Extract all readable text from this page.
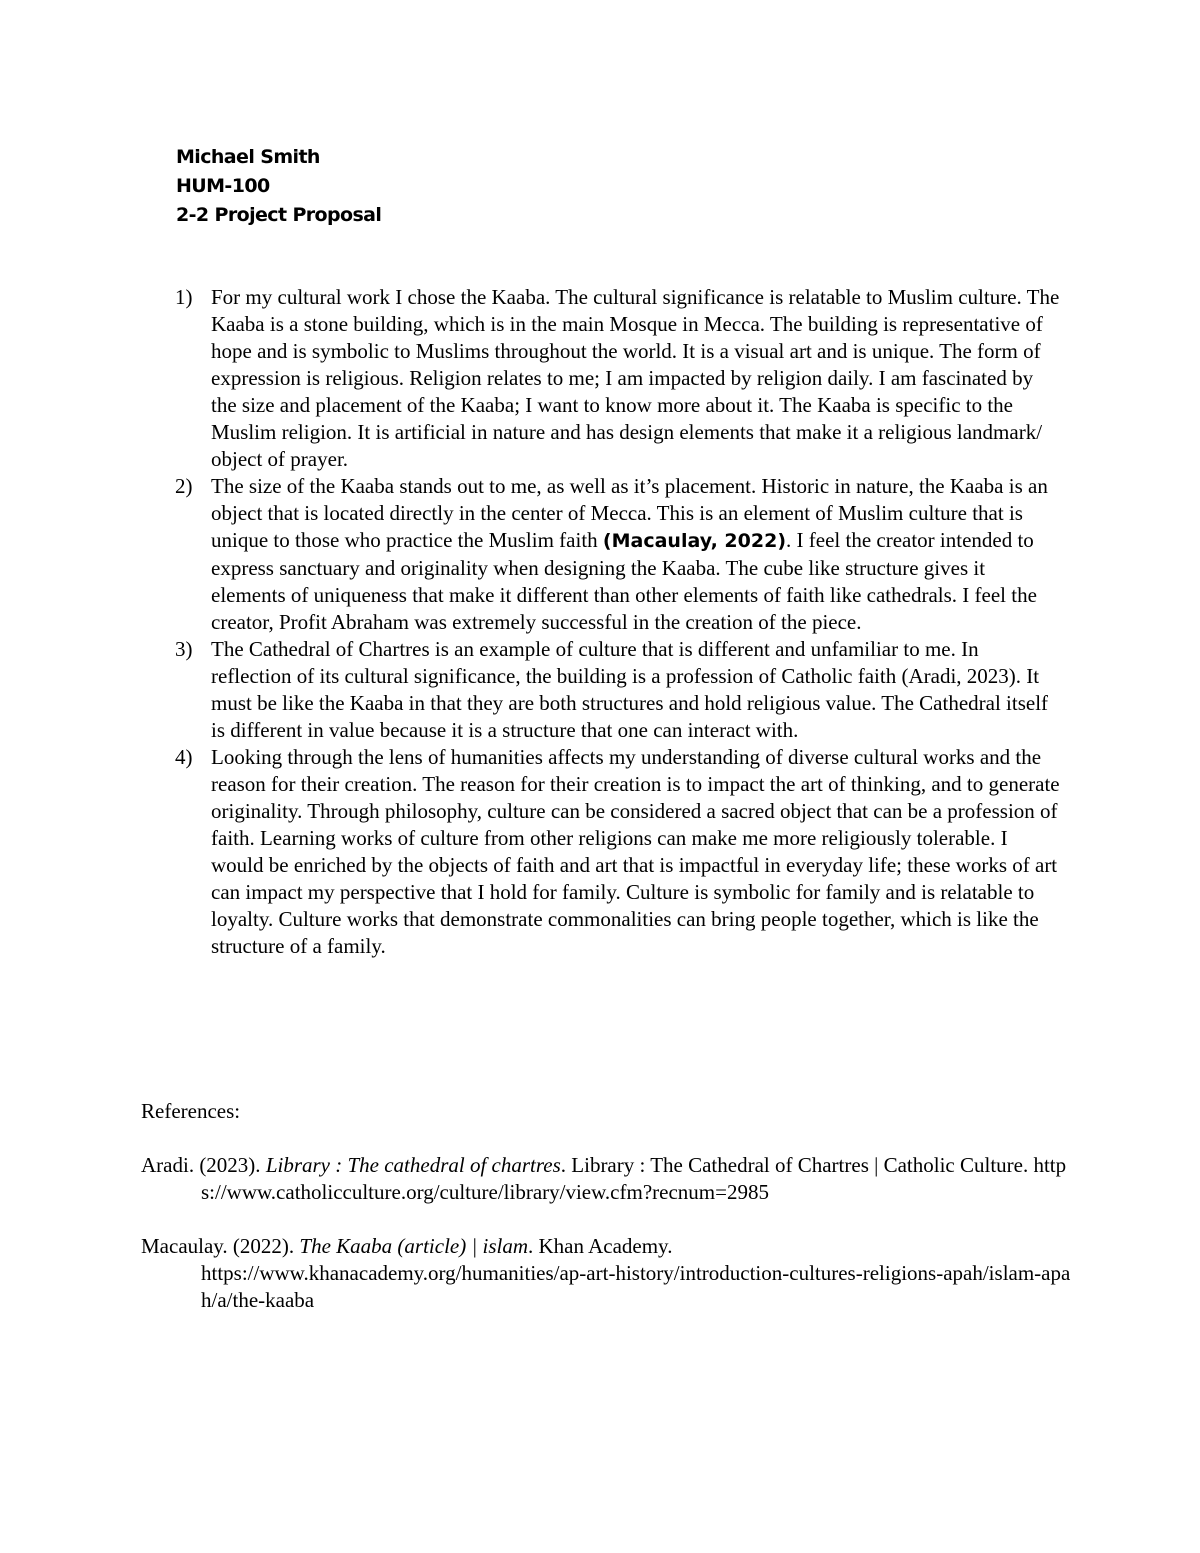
Michael Smith
HUM-100
2-2 Project Proposal
1) For my cultural work I chose the Kaaba. The cultural significance is relatable to Muslim culture. The Kaaba is a stone building, which is in the main Mosque in Mecca. The building is representative of hope and is symbolic to Muslims throughout the world. It is a visual art and is unique. The form of expression is religious. Religion relates to me; I am impacted by religion daily. I am fascinated by the size and placement of the Kaaba; I want to know more about it. The Kaaba is specific to the Muslim religion. It is artificial in nature and has design elements that make it a religious landmark/ object of prayer.
2) The size of the Kaaba stands out to me, as well as it’s placement. Historic in nature, the Kaaba is an object that is located directly in the center of Mecca. This is an element of Muslim culture that is unique to those who practice the Muslim faith (Macaulay, 2022). I feel the creator intended to express sanctuary and originality when designing the Kaaba. The cube like structure gives it elements of uniqueness that make it different than other elements of faith like cathedrals. I feel the creator, Profit Abraham was extremely successful in the creation of the piece.
3) The Cathedral of Chartres is an example of culture that is different and unfamiliar to me. In reflection of its cultural significance, the building is a profession of Catholic faith (Aradi, 2023). It must be like the Kaaba in that they are both structures and hold religious value. The Cathedral itself is different in value because it is a structure that one can interact with.
4) Looking through the lens of humanities affects my understanding of diverse cultural works and the reason for their creation. The reason for their creation is to impact the art of thinking, and to generate originality. Through philosophy, culture can be considered a sacred object that can be a profession of faith. Learning works of culture from other religions can make me more religiously tolerable. I would be enriched by the objects of faith and art that is impactful in everyday life; these works of art can impact my perspective that I hold for family. Culture is symbolic for family and is relatable to loyalty. Culture works that demonstrate commonalities can bring people together, which is like the structure of a family.
References:
Aradi. (2023). Library : The cathedral of chartres. Library : The Cathedral of Chartres | Catholic Culture. https://www.catholicculture.org/culture/library/view.cfm?recnum=2985
Macaulay. (2022). The Kaaba (article) | islam. Khan Academy.
https://www.khanacademy.org/humanities/ap-art-history/introduction-cultures-religions-apah/islam-apah/a/the-kaaba
